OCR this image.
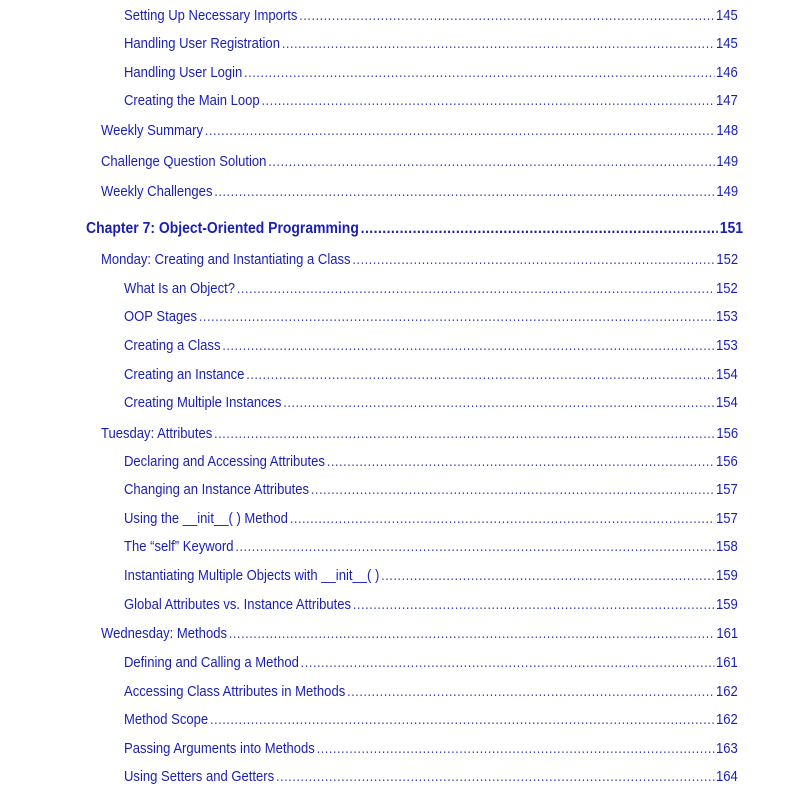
Setting Up Necessary Imports .....	145
Handling User Registration .....	145
Handling User Login .....	146
Creating the Main Loop .....	147
Weekly Summary .....	148
Challenge Question Solution .....	149
Weekly Challenges .....	149
Chapter 7: Object-Oriented Programming .....	151
Monday: Creating and Instantiating a Class .....	152
What Is an Object? .....	152
OOP Stages .....	153
Creating a Class .....	153
Creating an Instance .....	154
Creating Multiple Instances .....	154
Tuesday: Attributes .....	156
Declaring and Accessing Attributes .....	156
Changing an Instance Attributes .....	157
Using the __init__( ) Method .....	157
The “self” Keyword .....	158
Instantiating Multiple Objects with __init__( ) .....	159
Global Attributes vs. Instance Attributes .....	159
Wednesday: Methods .....	161
Defining and Calling a Method .....	161
Accessing Class Attributes in Methods .....	162
Method Scope .....	162
Passing Arguments into Methods .....	163
Using Setters and Getters .....	164
